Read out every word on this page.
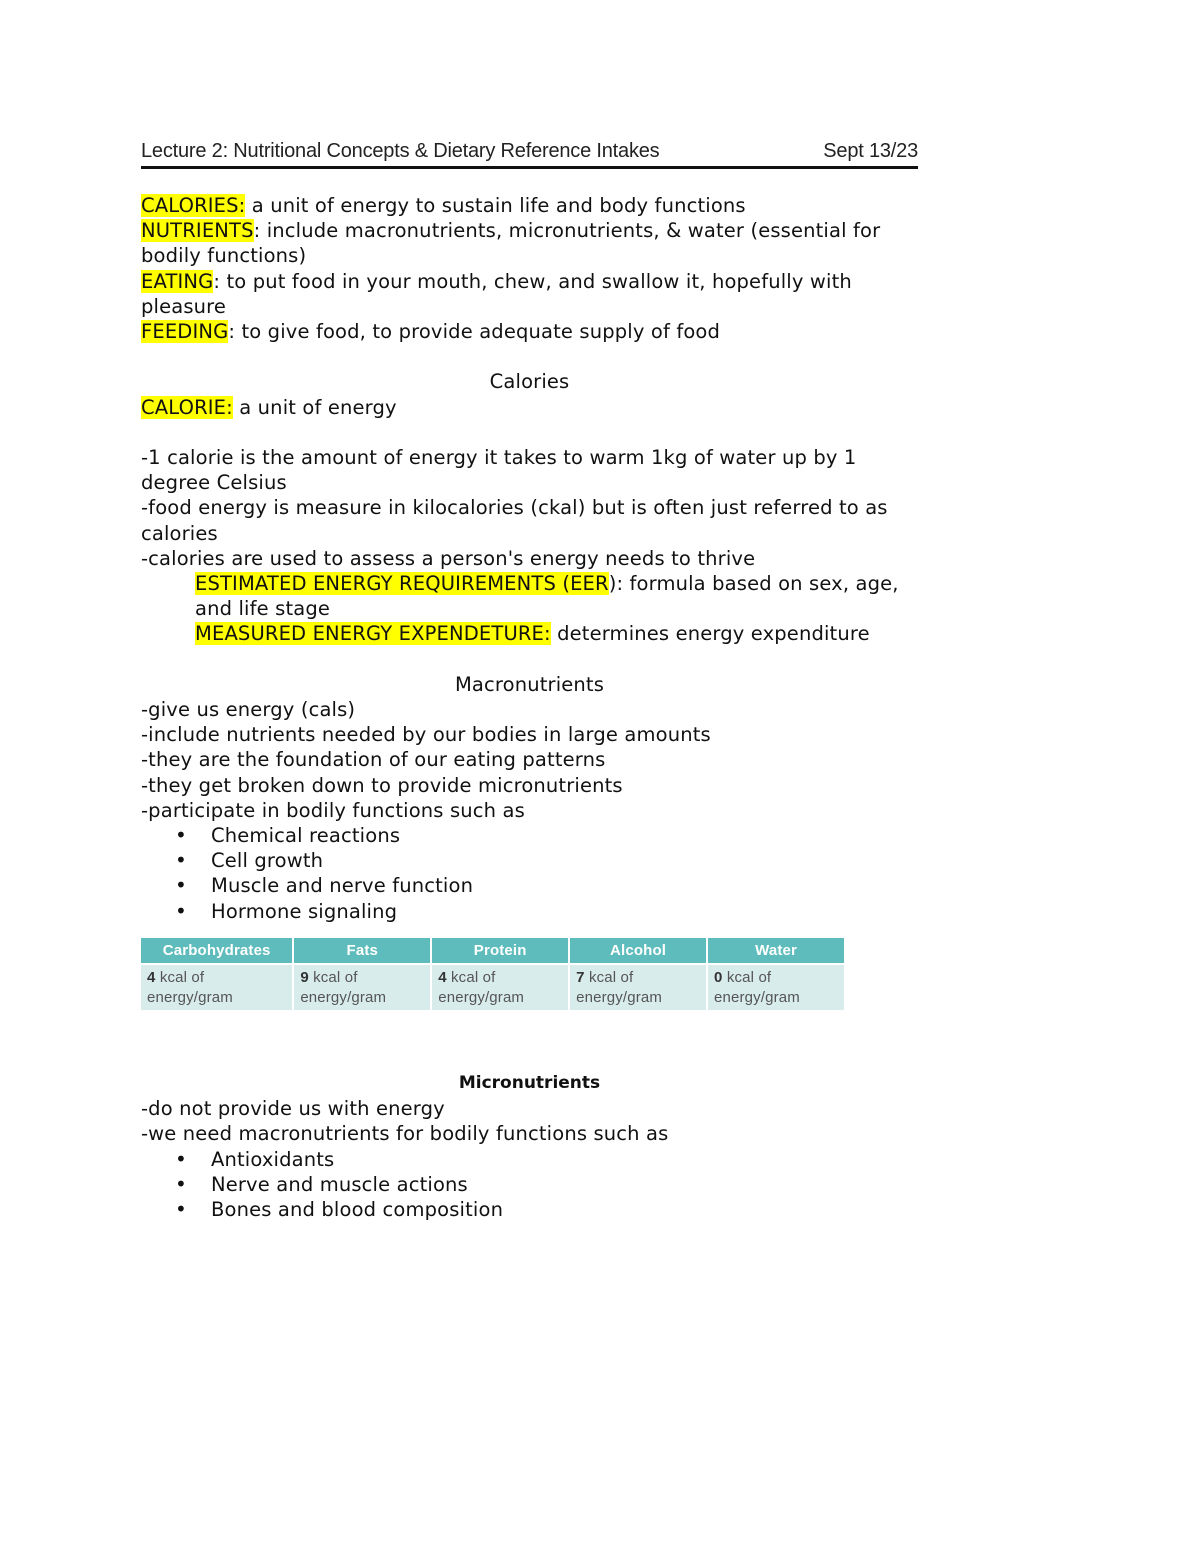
Lecture 2: Nutritional Concepts & Dietary Reference Intakes	Sept 13/23

CALORIES: a unit of energy to sustain life and body functions

NUTRIENTS: include macronutrients, micronutrients, & water (essential for bodily functions)

EATING: to put food in your mouth, chew, and swallow it, hopefully with pleasure

FEEDING: to give food, to provide adequate supply of food

Calories

CALORIE: a unit of energy

-1 calorie is the amount of energy it takes to warm 1kg of water up by 1 degree Celsius

-food energy is measure in kilocalories (ckal) but is often just referred to as calories

-calories are used to assess a person's energy needs to thrive

ESTIMATED ENERGY REQUIREMENTS (EER): formula based on sex, age, and life stage

MEASURED ENERGY EXPENDETURE: determines energy expenditure

Macronutrients

-give us energy (cals)

-include nutrients needed by our bodies in large amounts

-they are the foundation of our eating patterns

-they get broken down to provide micronutrients

-participate in bodily functions such as

• Chemical reactions
• Cell growth
• Muscle and nerve function
• Hormone signaling
Carbohydrates	Fats	Protein	Alcohol	Water
4 kcal of
energy/gram	9 kcal of
energy/gram	4 kcal of
energy/gram	7 kcal of
energy/gram	0 kcal of
energy/gram

Micronutrients

-do not provide us with energy

-we need macronutrients for bodily functions such as

• Antioxidants
• Nerve and muscle actions
• Bones and blood composition
